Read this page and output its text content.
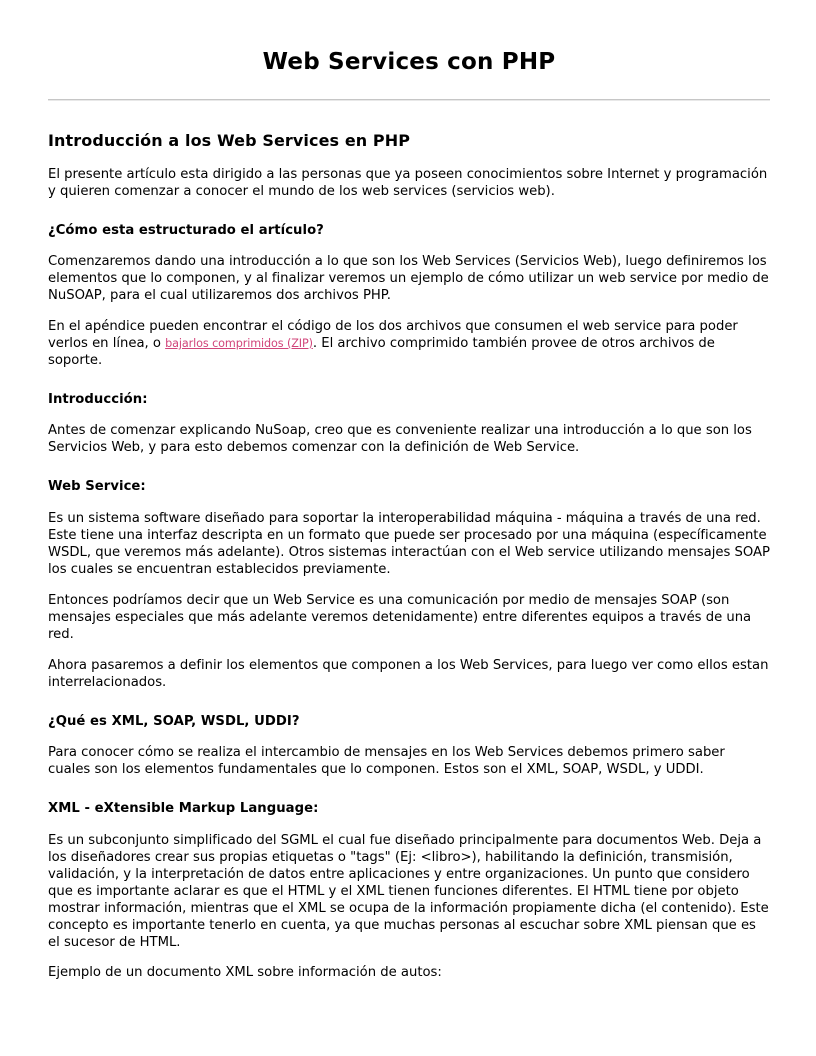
Web Services con PHP
Introducción a los Web Services en PHP

El presente artículo esta dirigido a las personas que ya poseen conocimientos sobre Internet y programación y quieren comenzar a conocer el mundo de los web services (servicios web).

¿Cómo esta estructurado el artículo?

Comenzaremos dando una introducción a lo que son los Web Services (Servicios Web), luego definiremos los elementos que lo componen, y al finalizar veremos un ejemplo de cómo utilizar un web service por medio de NuSOAP, para el cual utilizaremos dos archivos PHP.

En el apéndice pueden encontrar el código de los dos archivos que consumen el web service para poder verlos en línea, o bajarlos comprimidos (ZIP). El archivo comprimido también provee de otros archivos de soporte.

Introducción:

Antes de comenzar explicando NuSoap, creo que es conveniente realizar una introducción a lo que son los Servicios Web, y para esto debemos comenzar con la definición de Web Service.

Web Service:

Es un sistema software diseñado para soportar la interoperabilidad máquina - máquina a través de una red. Este tiene una interfaz descripta en un formato que puede ser procesado por una máquina (específicamente WSDL, que veremos más adelante). Otros sistemas interactúan con el Web service utilizando mensajes SOAP los cuales se encuentran establecidos previamente.

Entonces podríamos decir que un Web Service es una comunicación por medio de mensajes SOAP (son mensajes especiales que más adelante veremos detenidamente) entre diferentes equipos a través de una red.

Ahora pasaremos a definir los elementos que componen a los Web Services, para luego ver como ellos estan interrelacionados.

¿Qué es XML, SOAP, WSDL, UDDI?

Para conocer cómo se realiza el intercambio de mensajes en los Web Services debemos primero saber cuales son los elementos fundamentales que lo componen. Estos son el XML, SOAP, WSDL, y UDDI.

XML - eXtensible Markup Language:

Es un subconjunto simplificado del SGML el cual fue diseñado principalmente para documentos Web. Deja a los diseñadores crear sus propias etiquetas o "tags" (Ej: <libro>), habilitando la definición, transmisión, validación, y la interpretación de datos entre aplicaciones y entre organizaciones. Un punto que considero que es importante aclarar es que el HTML y el XML tienen funciones diferentes. El HTML tiene por objeto mostrar información, mientras que el XML se ocupa de la información propiamente dicha (el contenido). Este concepto es importante tenerlo en cuenta, ya que muchas personas al escuchar sobre XML piensan que es el sucesor de HTML.

Ejemplo de un documento XML sobre información de autos:
